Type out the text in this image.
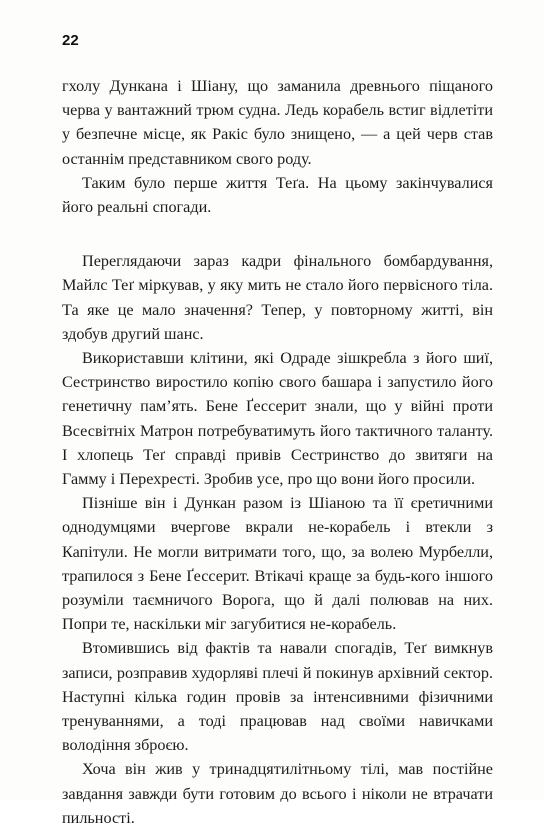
22

гхолу Дункана і Шіану, що заманила древнього піщаного черва у вантажний трюм судна. Ледь корабель встиг відлетіти у безпечне місце, як Ракіс було знищено, — а цей черв став останнім представником свого роду.

Таким було перше життя Теґа. На цьому закінчувалися його реальні спогади.

Переглядаючи зараз кадри фінального бомбардування, Майлс Теґ міркував, у яку мить не стало його первісного тіла. Та яке це мало значення? Тепер, у повторному житті, він здобув другий шанс.

Використавши клітини, які Одраде зішкребла з його шиї, Сестринство виростило копію свого башара і запустило його генетичну пам’ять. Бене Ґессерит знали, що у війні проти Всесвітніх Матрон потребуватимуть його тактичного таланту. І хлопець Теґ справді привів Сестринство до звитяги на Гамму і Перехресті. Зробив усе, про що вони його просили.

Пізніше він і Дункан разом із Шіаною та її єретичними однодумцями вчергове вкрали не-корабель і втекли з Капітули. Не могли витримати того, що, за волею Мурбелли, трапилося з Бене Ґессерит. Втікачі краще за будь-кого іншого розуміли таємничого Ворога, що й далі полював на них. Попри те, наскільки міг загубитися не-корабель.

Втомившись від фактів та навали спогадів, Теґ вимкнув записи, розправив худорляві плечі й покинув архівний сектор. Наступні кілька годин провів за інтенсивними фізичними тренуваннями, а тоді працював над своїми навичками володіння зброєю.

Хоча він жив у тринадцятилітньому тілі, мав постійне завдання завжди бути готовим до всього і ніколи не втрачати пильності.
